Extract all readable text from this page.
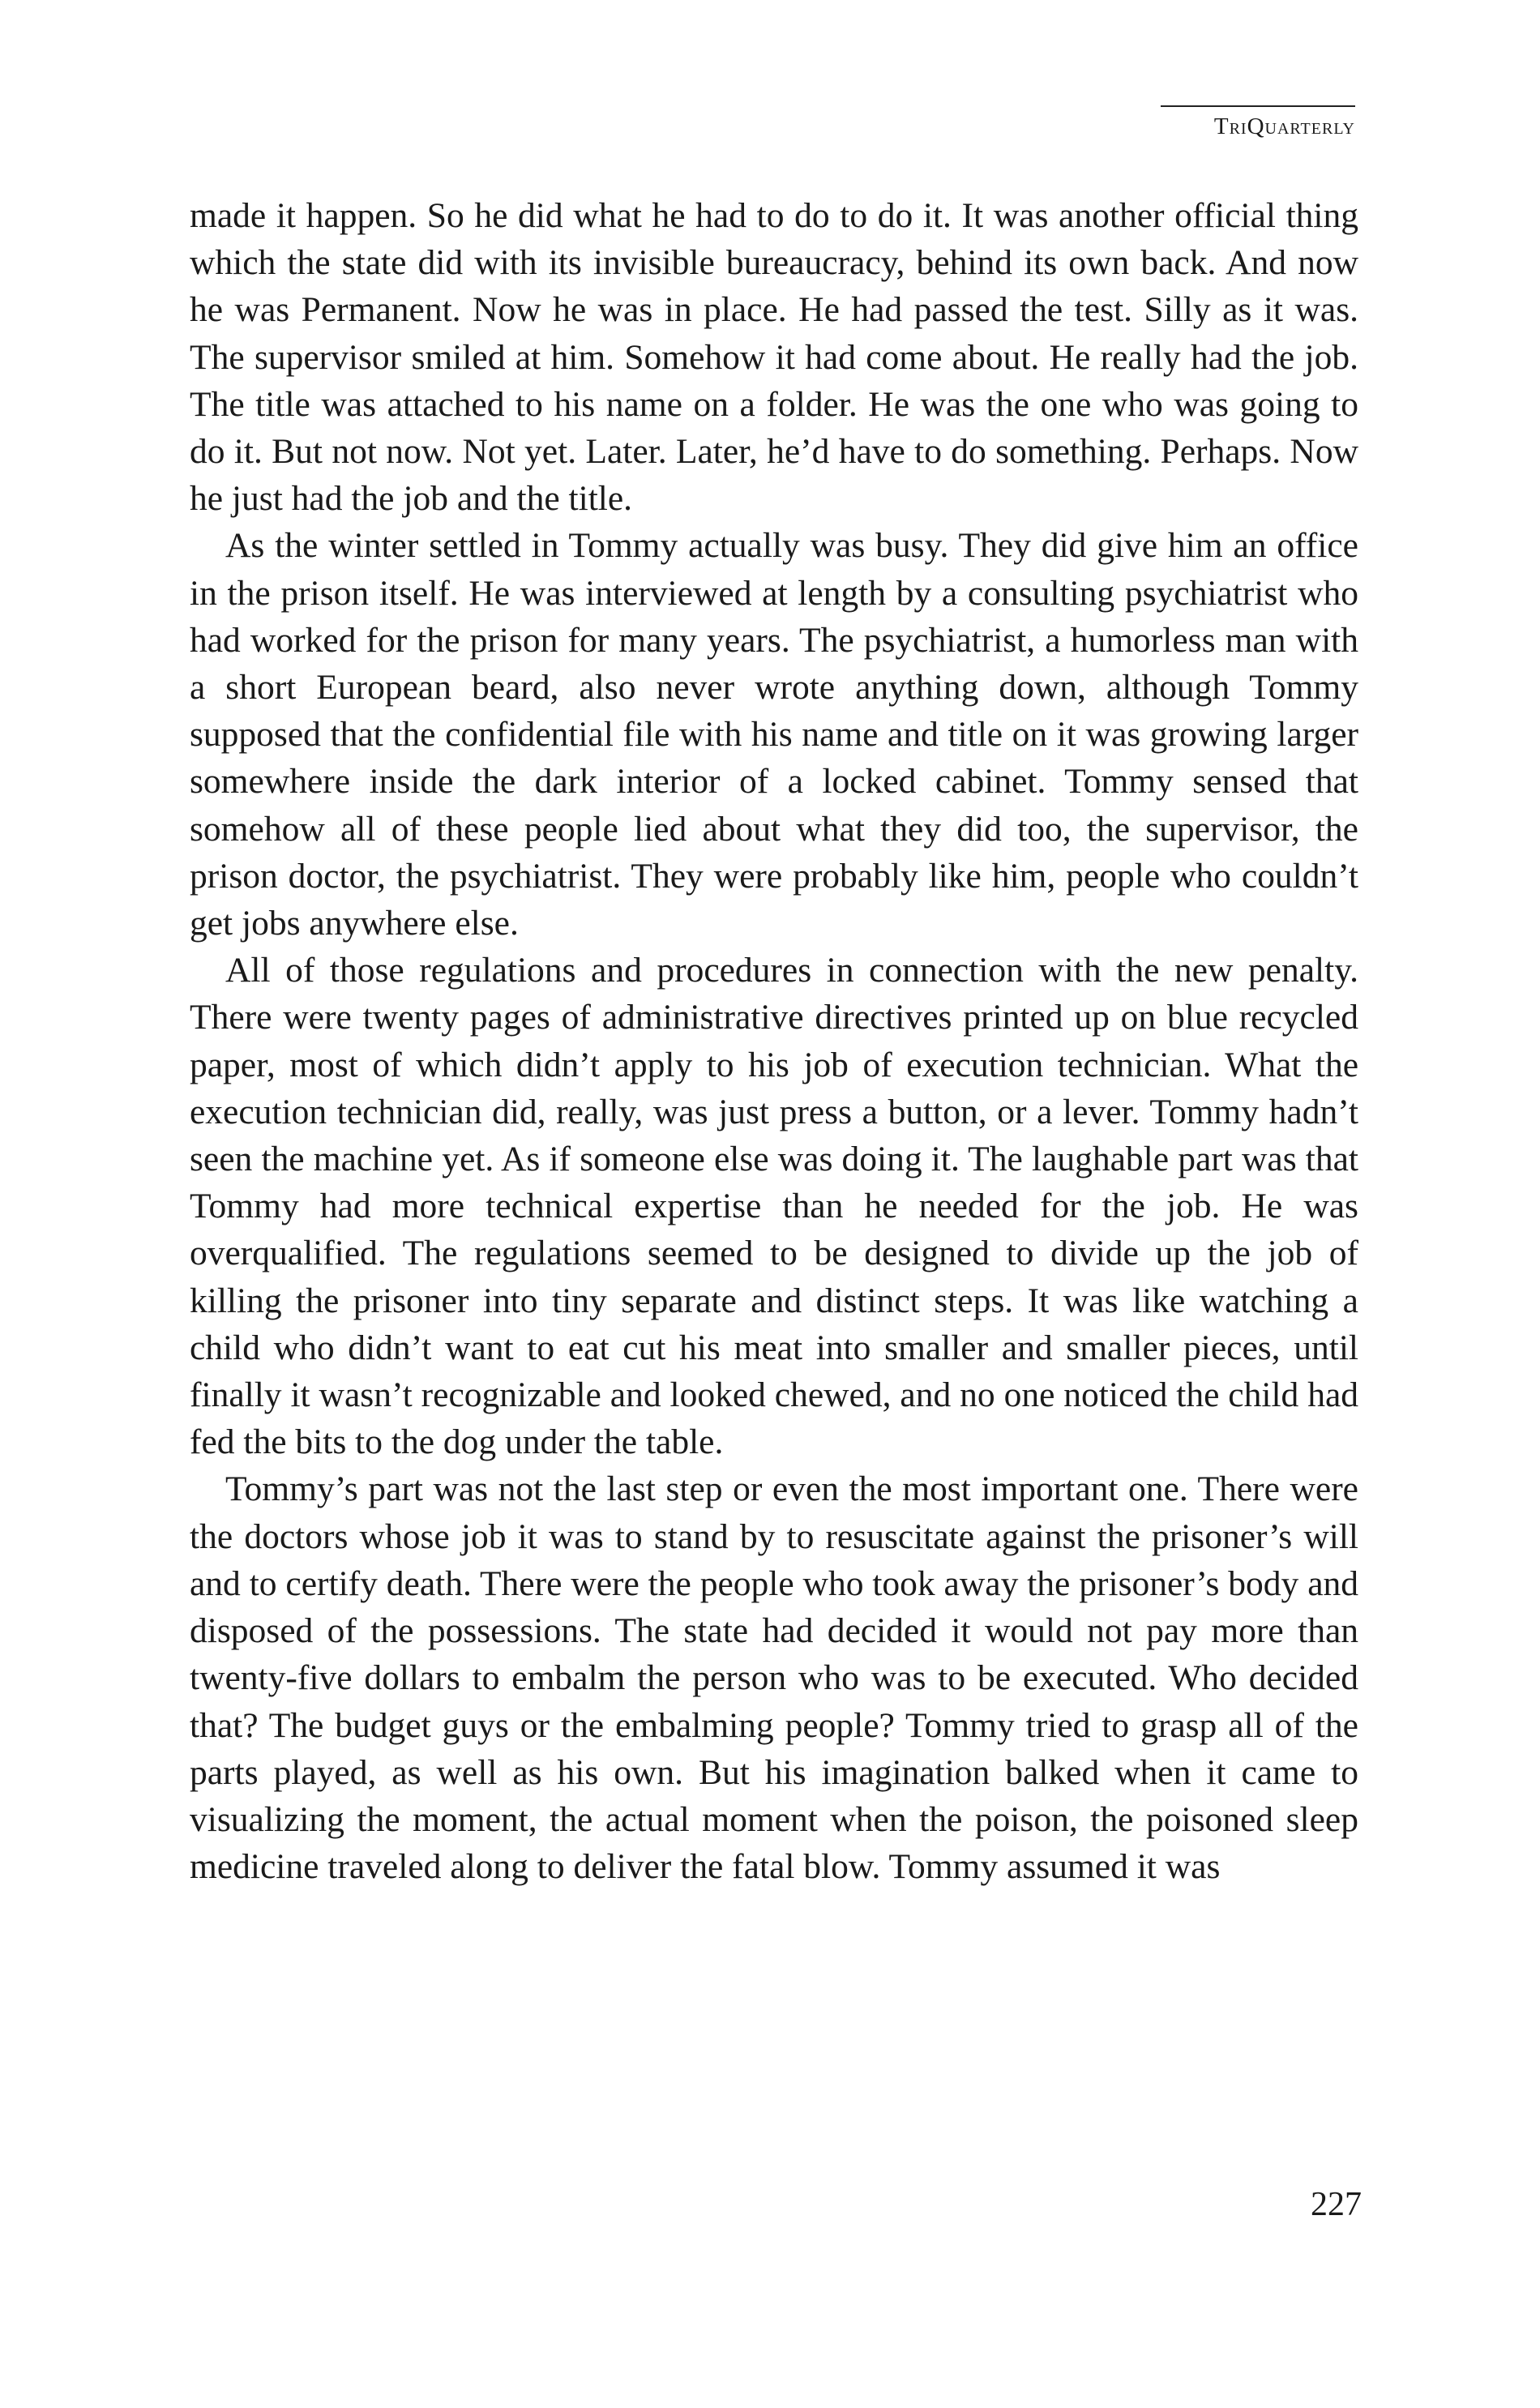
TriQuarterly

made it happen. So he did what he had to do to do it. It was another official thing which the state did with its invisible bureaucracy, behind its own back. And now he was Permanent. Now he was in place. He had passed the test. Silly as it was. The supervisor smiled at him. Somehow it had come about. He really had the job. The title was attached to his name on a folder. He was the one who was going to do it. But not now. Not yet. Later. Later, he’d have to do something. Perhaps. Now he just had the job and the title.

As the winter settled in Tommy actually was busy. They did give him an office in the prison itself. He was interviewed at length by a consulting psychiatrist who had worked for the prison for many years. The psychiatrist, a humorless man with a short European beard, also never wrote anything down, although Tommy supposed that the confidential file with his name and title on it was growing larger somewhere inside the dark interior of a locked cabinet. Tommy sensed that somehow all of these people lied about what they did too, the supervisor, the prison doctor, the psychiatrist. They were probably like him, people who couldn’t get jobs anywhere else.

All of those regulations and procedures in connection with the new penalty. There were twenty pages of administrative directives printed up on blue recycled paper, most of which didn’t apply to his job of execution technician. What the execution technician did, really, was just press a button, or a lever. Tommy hadn’t seen the machine yet. As if someone else was doing it. The laughable part was that Tommy had more technical expertise than he needed for the job. He was overqualified. The regulations seemed to be designed to divide up the job of killing the prisoner into tiny separate and distinct steps. It was like watching a child who didn’t want to eat cut his meat into smaller and smaller pieces, until finally it wasn’t recognizable and looked chewed, and no one noticed the child had fed the bits to the dog under the table.

Tommy’s part was not the last step or even the most important one. There were the doctors whose job it was to stand by to resuscitate against the prisoner’s will and to certify death. There were the people who took away the prisoner’s body and disposed of the possessions. The state had decided it would not pay more than twenty-five dollars to embalm the person who was to be executed. Who decided that? The budget guys or the embalming people? Tommy tried to grasp all of the parts played, as well as his own. But his imagination balked when it came to visualizing the moment, the actual moment when the poison, the poisoned sleep medicine traveled along to deliver the fatal blow. Tommy assumed it was

227
